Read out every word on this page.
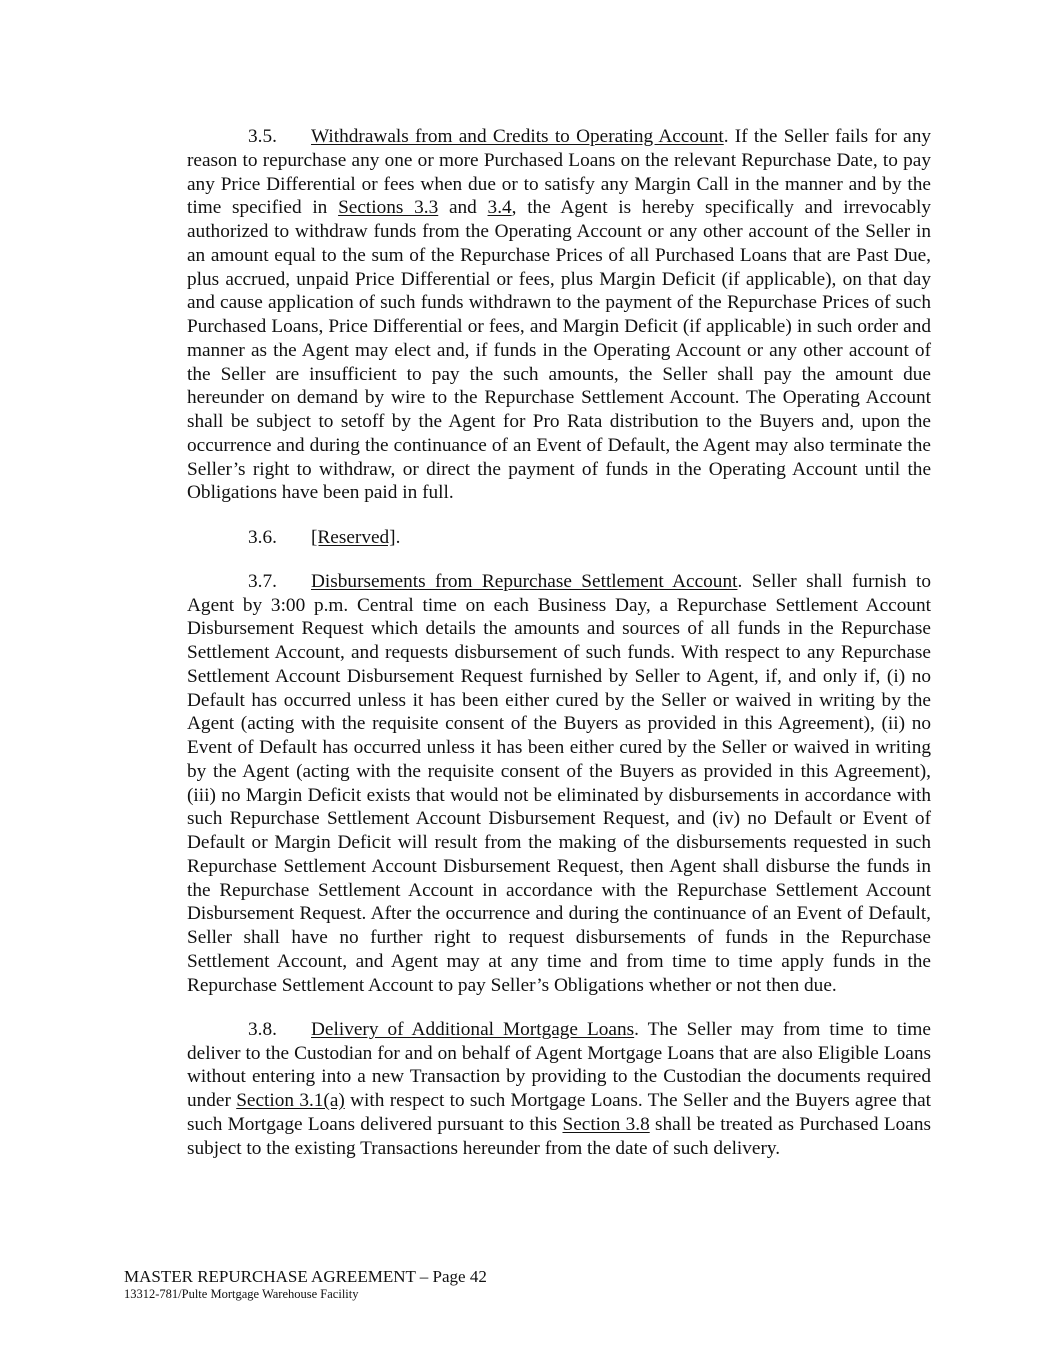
3.5. Withdrawals from and Credits to Operating Account. If the Seller fails for any reason to repurchase any one or more Purchased Loans on the relevant Repurchase Date, to pay any Price Differential or fees when due or to satisfy any Margin Call in the manner and by the time specified in Sections 3.3 and 3.4, the Agent is hereby specifically and irrevocably authorized to withdraw funds from the Operating Account or any other account of the Seller in an amount equal to the sum of the Repurchase Prices of all Purchased Loans that are Past Due, plus accrued, unpaid Price Differential or fees, plus Margin Deficit (if applicable), on that day and cause application of such funds withdrawn to the payment of the Repurchase Prices of such Purchased Loans, Price Differential or fees, and Margin Deficit (if applicable) in such order and manner as the Agent may elect and, if funds in the Operating Account or any other account of the Seller are insufficient to pay the such amounts, the Seller shall pay the amount due hereunder on demand by wire to the Repurchase Settlement Account. The Operating Account shall be subject to setoff by the Agent for Pro Rata distribution to the Buyers and, upon the occurrence and during the continuance of an Event of Default, the Agent may also terminate the Seller’s right to withdraw, or direct the payment of funds in the Operating Account until the Obligations have been paid in full.

3.6. [Reserved].

3.7. Disbursements from Repurchase Settlement Account. Seller shall furnish to Agent by 3:00 p.m. Central time on each Business Day, a Repurchase Settlement Account Disbursement Request which details the amounts and sources of all funds in the Repurchase Settlement Account, and requests disbursement of such funds. With respect to any Repurchase Settlement Account Disbursement Request furnished by Seller to Agent, if, and only if, (i) no Default has occurred unless it has been either cured by the Seller or waived in writing by the Agent (acting with the requisite consent of the Buyers as provided in this Agreement), (ii) no Event of Default has occurred unless it has been either cured by the Seller or waived in writing by the Agent (acting with the requisite consent of the Buyers as provided in this Agreement), (iii) no Margin Deficit exists that would not be eliminated by disbursements in accordance with such Repurchase Settlement Account Disbursement Request, and (iv) no Default or Event of Default or Margin Deficit will result from the making of the disbursements requested in such Repurchase Settlement Account Disbursement Request, then Agent shall disburse the funds in the Repurchase Settlement Account in accordance with the Repurchase Settlement Account Disbursement Request. After the occurrence and during the continuance of an Event of Default, Seller shall have no further right to request disbursements of funds in the Repurchase Settlement Account, and Agent may at any time and from time to time apply funds in the Repurchase Settlement Account to pay Seller’s Obligations whether or not then due.

3.8. Delivery of Additional Mortgage Loans. The Seller may from time to time deliver to the Custodian for and on behalf of Agent Mortgage Loans that are also Eligible Loans without entering into a new Transaction by providing to the Custodian the documents required under Section 3.1(a) with respect to such Mortgage Loans. The Seller and the Buyers agree that such Mortgage Loans delivered pursuant to this Section 3.8 shall be treated as Purchased Loans subject to the existing Transactions hereunder from the date of such delivery.

MASTER REPURCHASE AGREEMENT – Page 42
13312-781/Pulte Mortgage Warehouse Facility
